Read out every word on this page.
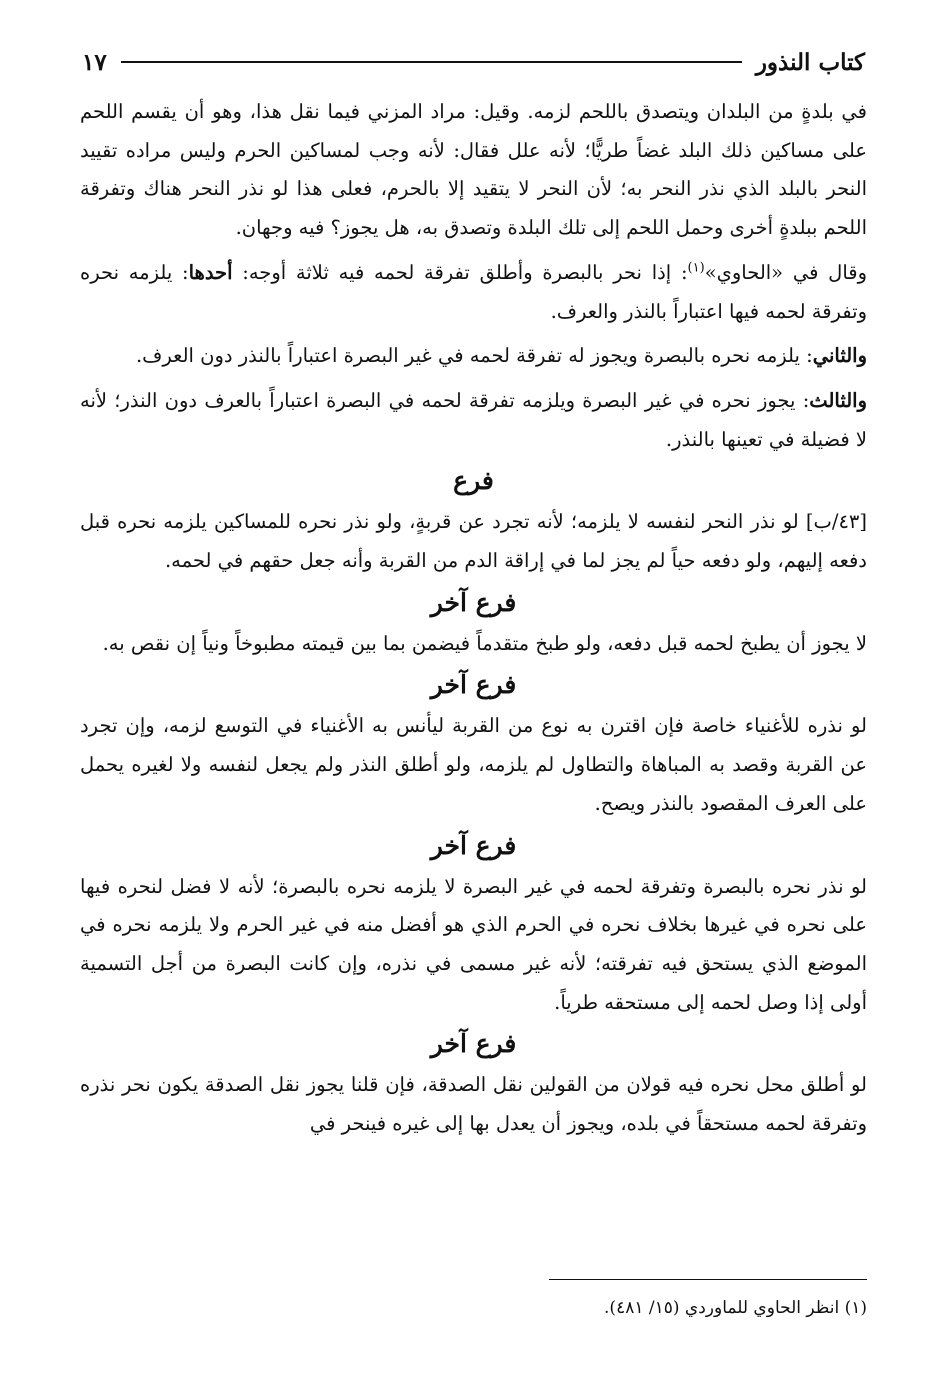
كتاب النذور
١٧

في بلدةٍ من البلدان ويتصدق باللحم لزمه. وقيل: مراد المزني فيما نقل هذا، وهو أن يقسم اللحم على مساكين ذلك البلد غضاً طريًّا؛ لأنه علل فقال: لأنه وجب لمساكين الحرم وليس مراده تقييد النحر بالبلد الذي نذر النحر به؛ لأن النحر لا يتقيد إلا بالحرم، فعلى هذا لو نذر النحر هناك وتفرقة اللحم ببلدةٍ أخرى وحمل اللحم إلى تلك البلدة وتصدق به، هل يجوز؟ فيه وجهان.

وقال في «الحاوي»$^{(١)}$: إذا نحر بالبصرة وأطلق تفرقة لحمه فيه ثلاثة أوجه: أحدها: يلزمه نحره وتفرقة لحمه فيها اعتباراً بالنذر والعرف.

والثاني: يلزمه نحره بالبصرة ويجوز له تفرقة لحمه في غير البصرة اعتباراً بالنذر دون العرف.

والثالث: يجوز نحره في غير البصرة ويلزمه تفرقة لحمه في البصرة اعتباراً بالعرف دون النذر؛ لأنه لا فضيلة في تعينها بالنذر.

فرع

[٤٣/ب] لو نذر النحر لنفسه لا يلزمه؛ لأنه تجرد عن قربةٍ، ولو نذر نحره للمساكين يلزمه نحره قبل دفعه إليهم، ولو دفعه حياً لم يجز لما في إراقة الدم من القربة وأنه جعل حقهم في لحمه.

فرع آخر

لا يجوز أن يطبخ لحمه قبل دفعه، ولو طبخ متقدماً فيضمن بما بين قيمته مطبوخاً ونياً إن نقص به.

فرع آخر

لو نذره للأغنياء خاصة فإن اقترن به نوع من القربة ليأنس به الأغنياء في التوسع لزمه، وإن تجرد عن القربة وقصد به المباهاة والتطاول لم يلزمه، ولو أطلق النذر ولم يجعل لنفسه ولا لغيره يحمل على العرف المقصود بالنذر ويصح.

فرع آخر

لو نذر نحره بالبصرة وتفرقة لحمه في غير البصرة لا يلزمه نحره بالبصرة؛ لأنه لا فضل لنحره فيها على نحره في غيرها بخلاف نحره في الحرم الذي هو أفضل منه في غير الحرم ولا يلزمه نحره في الموضع الذي يستحق فيه تفرقته؛ لأنه غير مسمى في نذره، وإن كانت البصرة من أجل التسمية أولى إذا وصل لحمه إلى مستحقه طرياً.

فرع آخر

لو أطلق محل نحره فيه قولان من القولين نقل الصدقة، فإن قلنا يجوز نقل الصدقة يكون نحر نذره وتفرقة لحمه مستحقاً في بلده، ويجوز أن يعدل بها إلى غيره فينحر في

(١) انظر الحاوي للماوردي (١٥/ ٤٨١).
